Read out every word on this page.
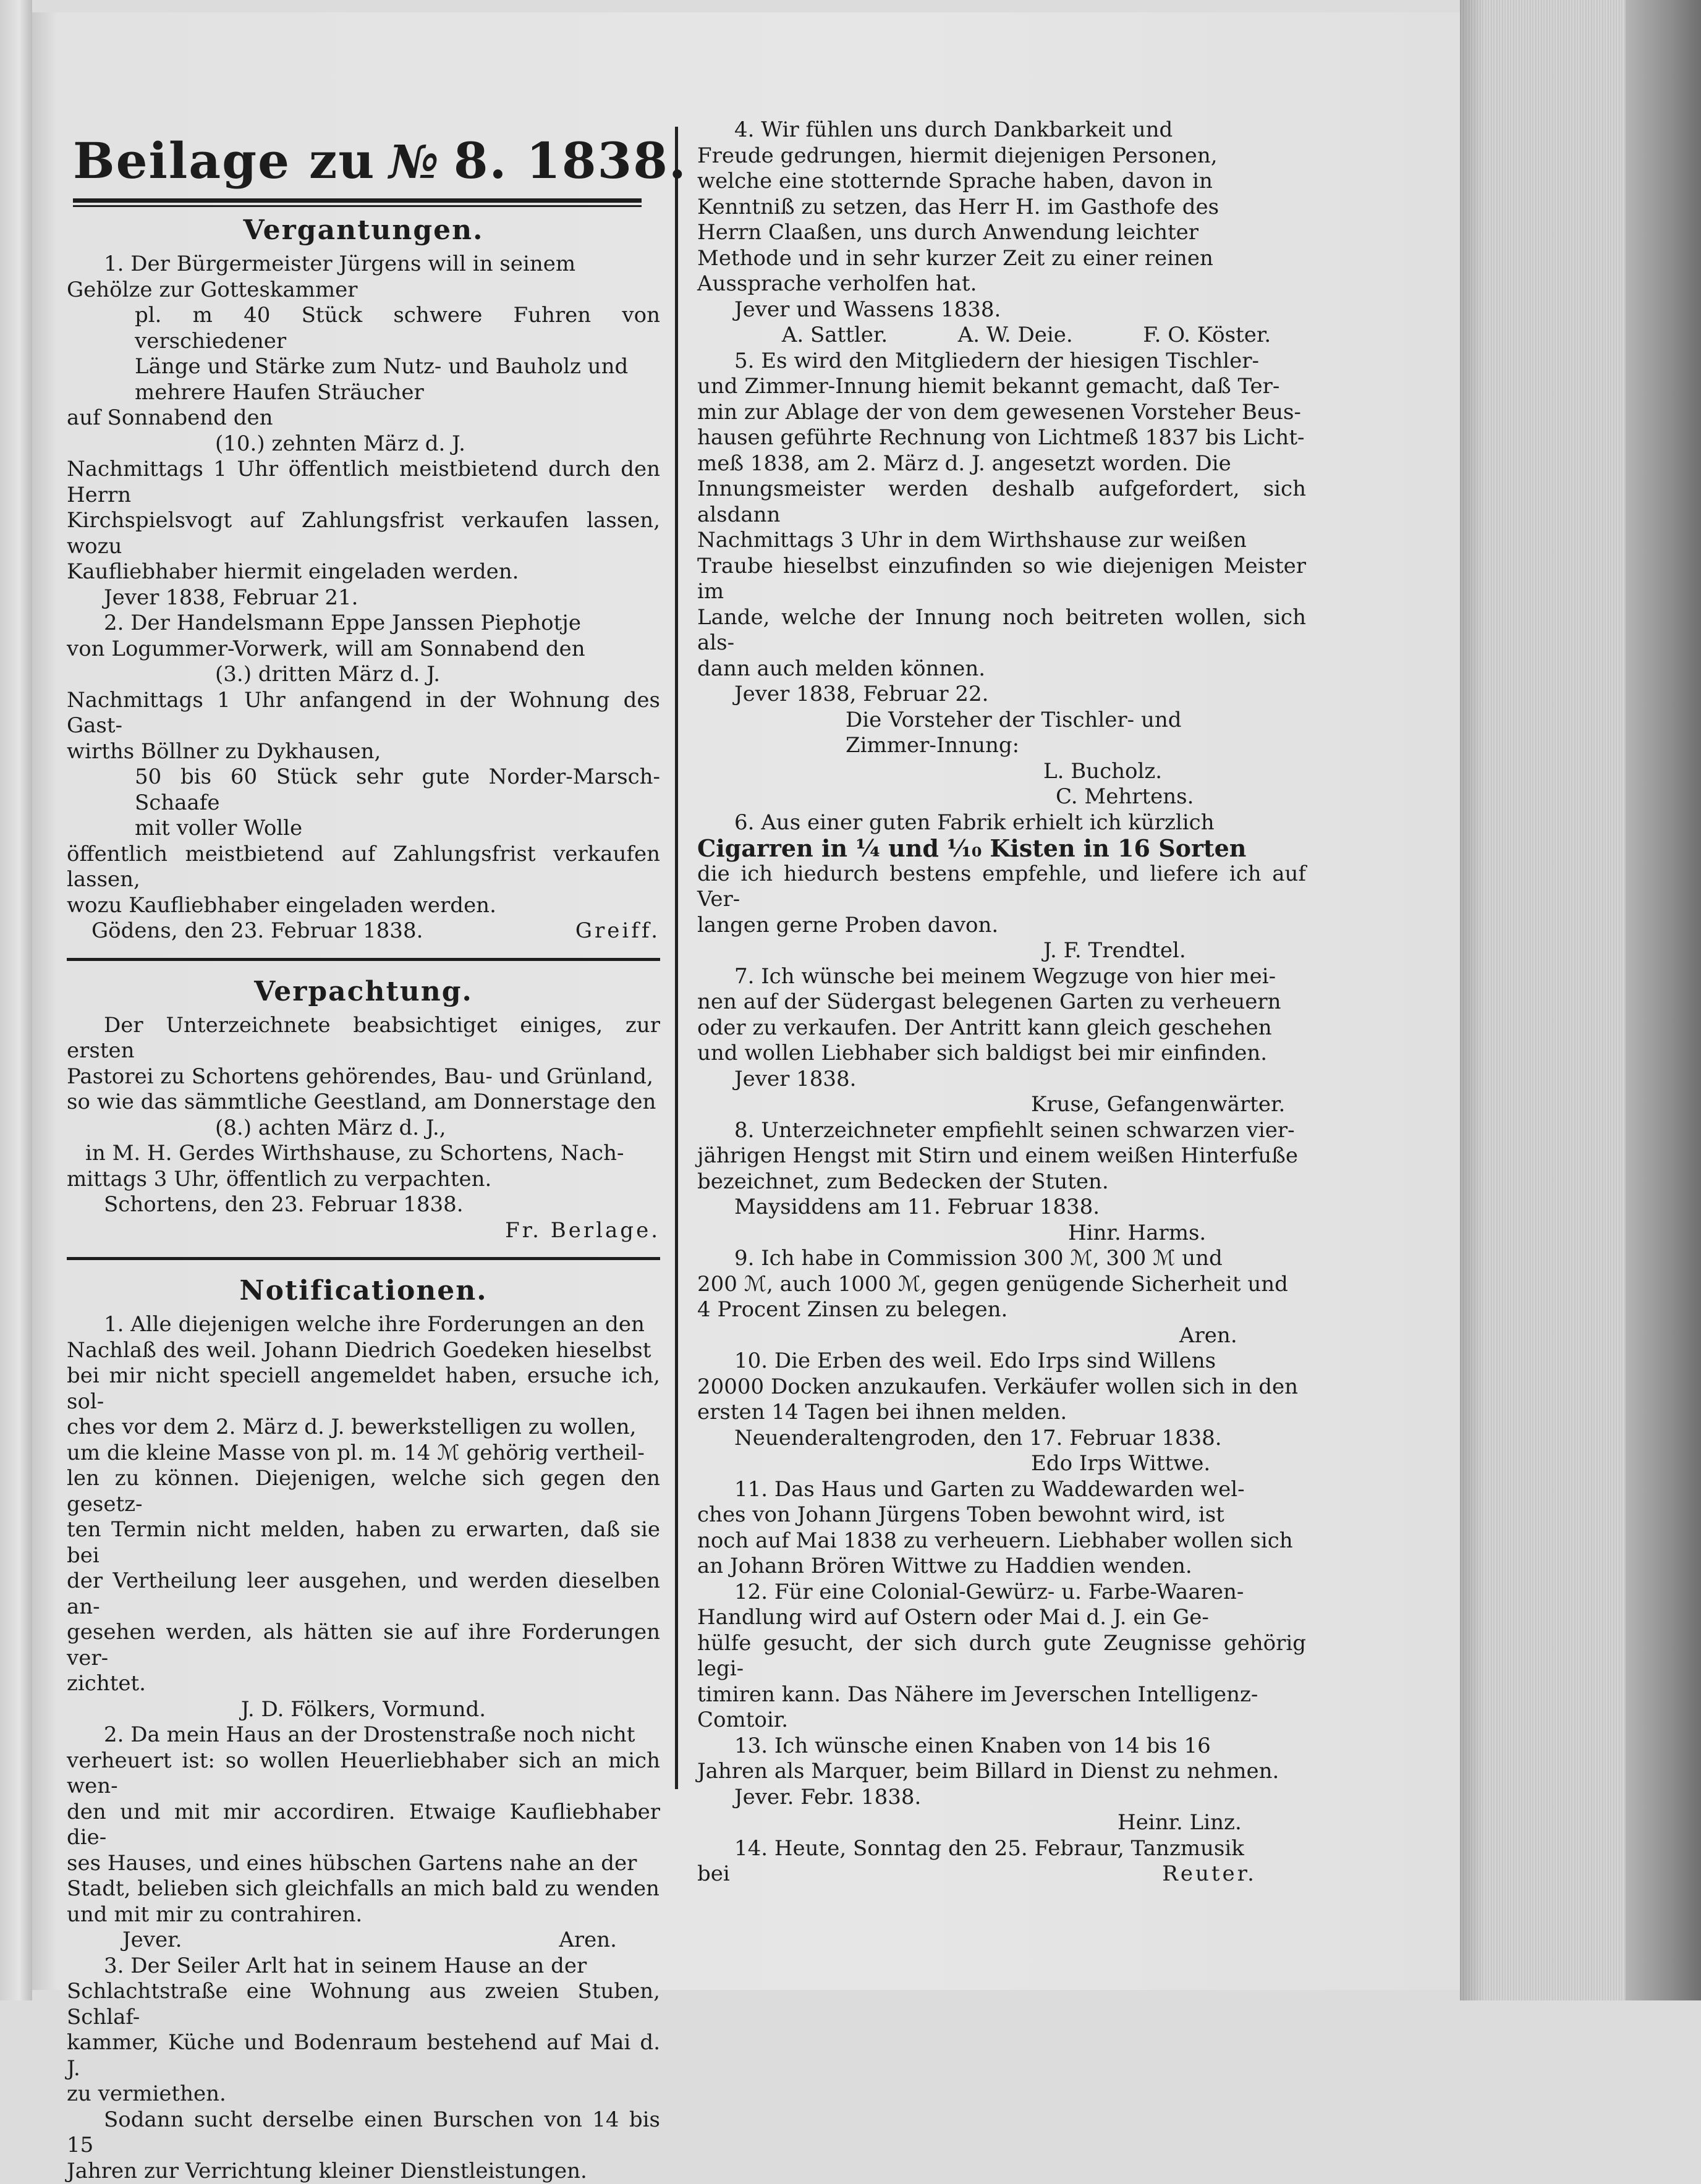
Beilage zu № 8. 1838.
Vergantungen.

1. Der Bürgermeister Jürgens will in seinem

Gehölze zur Gotteskammer

pl. m 40 Stück schwere Fuhren von verschiedener

Länge und Stärke zum Nutz- und Bauholz und

mehrere Haufen Sträucher

auf Sonnabend den

(10.) zehnten März d. J.

Nachmittags 1 Uhr öffentlich meistbietend durch den Herrn

Kirchspielsvogt auf Zahlungsfrist verkaufen lassen, wozu

Kaufliebhaber hiermit eingeladen werden.

Jever 1838, Februar 21.

2. Der Handelsmann Eppe Janssen Piephotje

von Logummer-Vorwerk, will am Sonnabend den

(3.) dritten März d. J.

Nachmittags 1 Uhr anfangend in der Wohnung des Gast-

wirths Böllner zu Dykhausen,

50 bis 60 Stück sehr gute Norder-Marsch-Schaafe

mit voller Wolle

öffentlich meistbietend auf Zahlungsfrist verkaufen lassen,

wozu Kaufliebhaber eingeladen werden.

Gödens, den 23. Februar 1838.	Greiff.
Verpachtung.

Der Unterzeichnete beabsichtiget einiges, zur ersten

Pastorei zu Schortens gehörendes, Bau- und Grünland,

so wie das sämmtliche Geestland, am Donnerstage den

(8.) achten März d. J.,

in M. H. Gerdes Wirthshause, zu Schortens, Nach-

mittags 3 Uhr, öffentlich zu verpachten.

Schortens, den 23. Februar 1838.

Fr. Berlage.

Notificationen.

1. Alle diejenigen welche ihre Forderungen an den

Nachlaß des weil. Johann Diedrich Goedeken hieselbst

bei mir nicht speciell angemeldet haben, ersuche ich, sol-

ches vor dem 2. März d. J. bewerkstelligen zu wollen,

um die kleine Masse von pl. m. 14 ℳ gehörig vertheil-

len zu können. Diejenigen, welche sich gegen den gesetz-

ten Termin nicht melden, haben zu erwarten, daß sie bei

der Vertheilung leer ausgehen, und werden dieselben an-

gesehen werden, als hätten sie auf ihre Forderungen ver-

zichtet.

J. D. Fölkers, Vormund.

2. Da mein Haus an der Drostenstraße noch nicht

verheuert ist: so wollen Heuerliebhaber sich an mich wen-

den und mit mir accordiren. Etwaige Kaufliebhaber die-

ses Hauses, und eines hübschen Gartens nahe an der

Stadt, belieben sich gleichfalls an mich bald zu wenden

und mit mir zu contrahiren.

Jever.	Aren.

3. Der Seiler Arlt hat in seinem Hause an der

Schlachtstraße eine Wohnung aus zweien Stuben, Schlaf-

kammer, Küche und Bodenraum bestehend auf Mai d. J.

zu vermiethen.

Sodann sucht derselbe einen Burschen von 14 bis 15

Jahren zur Verrichtung kleiner Dienstleistungen.

4. Wir fühlen uns durch Dankbarkeit und

Freude gedrungen, hiermit diejenigen Personen,

welche eine stotternde Sprache haben, davon in

Kenntniß zu setzen, das Herr H. im Gasthofe des

Herrn Claaßen, uns durch Anwendung leichter

Methode und in sehr kurzer Zeit zu einer reinen

Aussprache verholfen hat.

Jever und Wassens 1838.

A. Sattler.	A. W. Deie.	F. O. Köster.

5. Es wird den Mitgliedern der hiesigen Tischler-

und Zimmer-Innung hiemit bekannt gemacht, daß Ter-

min zur Ablage der von dem gewesenen Vorsteher Beus-

hausen geführte Rechnung von Lichtmeß 1837 bis Licht-

meß 1838, am 2. März d. J. angesetzt worden. Die

Innungsmeister werden deshalb aufgefordert, sich alsdann

Nachmittags 3 Uhr in dem Wirthshause zur weißen

Traube hieselbst einzufinden so wie diejenigen Meister im

Lande, welche der Innung noch beitreten wollen, sich als-

dann auch melden können.

Jever 1838, Februar 22.

Die Vorsteher der Tischler- und

Zimmer-Innung:

L. Bucholz.

C. Mehrtens.

6. Aus einer guten Fabrik erhielt ich kürzlich

Cigarren in ¼ und ⅒ Kisten in 16 Sorten

die ich hiedurch bestens empfehle, und liefere ich auf Ver-

langen gerne Proben davon.

J. F. Trendtel.

7. Ich wünsche bei meinem Wegzuge von hier mei-

nen auf der Südergast belegenen Garten zu verheuern

oder zu verkaufen. Der Antritt kann gleich geschehen

und wollen Liebhaber sich baldigst bei mir einfinden.

Jever 1838.

Kruse, Gefangenwärter.

8. Unterzeichneter empfiehlt seinen schwarzen vier-

jährigen Hengst mit Stirn und einem weißen Hinterfuße

bezeichnet, zum Bedecken der Stuten.

Maysiddens am 11. Februar 1838.

Hinr. Harms.

9. Ich habe in Commission 300 ℳ, 300 ℳ und

200 ℳ, auch 1000 ℳ, gegen genügende Sicherheit und

4 Procent Zinsen zu belegen.

Aren.

10. Die Erben des weil. Edo Irps sind Willens

20000 Docken anzukaufen. Verkäufer wollen sich in den

ersten 14 Tagen bei ihnen melden.

Neuenderaltengroden, den 17. Februar 1838.

Edo Irps Wittwe.

11. Das Haus und Garten zu Waddewarden wel-

ches von Johann Jürgens Toben bewohnt wird, ist

noch auf Mai 1838 zu verheuern. Liebhaber wollen sich

an Johann Brören Wittwe zu Haddien wenden.

12. Für eine Colonial-Gewürz- u. Farbe-Waaren-

Handlung wird auf Ostern oder Mai d. J. ein Ge-

hülfe gesucht, der sich durch gute Zeugnisse gehörig legi-

timiren kann. Das Nähere im Jeverschen Intelligenz-

Comtoir.

13. Ich wünsche einen Knaben von 14 bis 16

Jahren als Marquer, beim Billard in Dienst zu nehmen.

Jever. Febr. 1838.

Heinr. Linz.

14. Heute, Sonntag den 25. Febraur, Tanzmusik

bei	Reuter.
